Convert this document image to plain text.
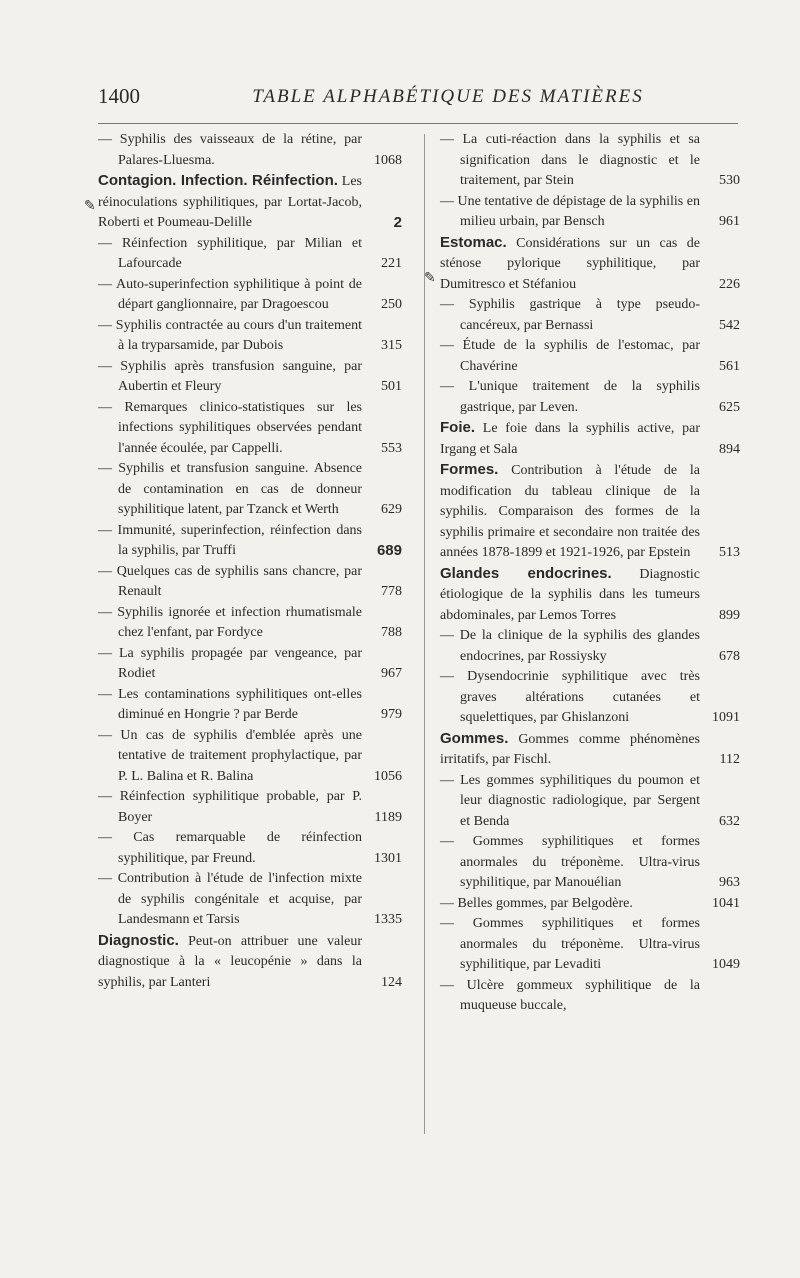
1400	TABLE ALPHABÉTIQUE DES MATIÈRES
— Syphilis des vaisseaux de la rétine, par Palares-Lluesma.	1068
Contagion. Infection. Réinfection. Les réinoculations syphilitiques, par Lortat-Jacob, Roberti et Poumeau-Delille	2
— Réinfection syphilitique, par Milian et Lafourcade	221
— Auto-superinfection syphilitique à point de départ ganglionnaire, par Dragoescou	250
— Syphilis contractée au cours d'un traitement à la tryparsamide, par Dubois	315
— Syphilis après transfusion sanguine, par Aubertin et Fleury	501
— Remarques clinico-statistiques sur les infections syphilitiques observées pendant l'année écoulée, par Cappelli.	553
— Syphilis et transfusion sanguine. Absence de contamination en cas de donneur syphilitique latent, par Tzanck et Werth	629
— Immunité, superinfection, réinfection dans la syphilis, par Truffi	689
— Quelques cas de syphilis sans chancre, par Renault	778
— Syphilis ignorée et infection rhumatismale chez l'enfant, par Fordyce	788
— La syphilis propagée par vengeance, par Rodiet	967
— Les contaminations syphilitiques ont-elles diminué en Hongrie ? par Berde	979
— Un cas de syphilis d'emblée après une tentative de traitement prophylactique, par P. L. Balina et R. Balina	1056
— Réinfection syphilitique probable, par P. Boyer	1189
— Cas remarquable de réinfection syphilitique, par Freund.	1301
— Contribution à l'étude de l'infection mixte de syphilis congénitale et acquise, par Landesmann et Tarsis	1335
Diagnostic. Peut-on attribuer une valeur diagnostique à la « leucopénie » dans la syphilis, par Lanteri	124
— La cuti-réaction dans la syphilis et sa signification dans le diagnostic et le traitement, par Stein	530
— Une tentative de dépistage de la syphilis en milieu urbain, par Bensch	961
Estomac. Considérations sur un cas de sténose pylorique syphilitique, par Dumitresco et Stéfaniou	226
— Syphilis gastrique à type pseudo-cancéreux, par Bernassi	542
— Étude de la syphilis de l'estomac, par Chavérine	561
— L'unique traitement de la syphilis gastrique, par Leven.	625
Foie. Le foie dans la syphilis active, par Irgang et Sala	894
Formes. Contribution à l'étude de la modification du tableau clinique de la syphilis. Comparaison des formes de la syphilis primaire et secondaire non traitée des années 1878-1899 et 1921-1926, par Epstein	513
Glandes endocrines. Diagnostic étiologique de la syphilis dans les tumeurs abdominales, par Lemos Torres	899
— De la clinique de la syphilis des glandes endocrines, par Rossiysky	678
— Dysendocrinie syphilitique avec très graves altérations cutanées et squelettiques, par Ghislanzoni	1091
Gommes. Gommes comme phénomènes irritatifs, par Fischl.	112
— Les gommes syphilitiques du poumon et leur diagnostic radiologique, par Sergent et Benda	632
— Gommes syphilitiques et formes anormales du tréponème. Ultra-virus syphilitique, par Manouélian	963
— Belles gommes, par Belgodère.	1041
— Gommes syphilitiques et formes anormales du tréponème. Ultra-virus syphilitique, par Levaditi	1049
— Ulcère gommeux syphilitique de la muqueuse buccale,
✎
✎
